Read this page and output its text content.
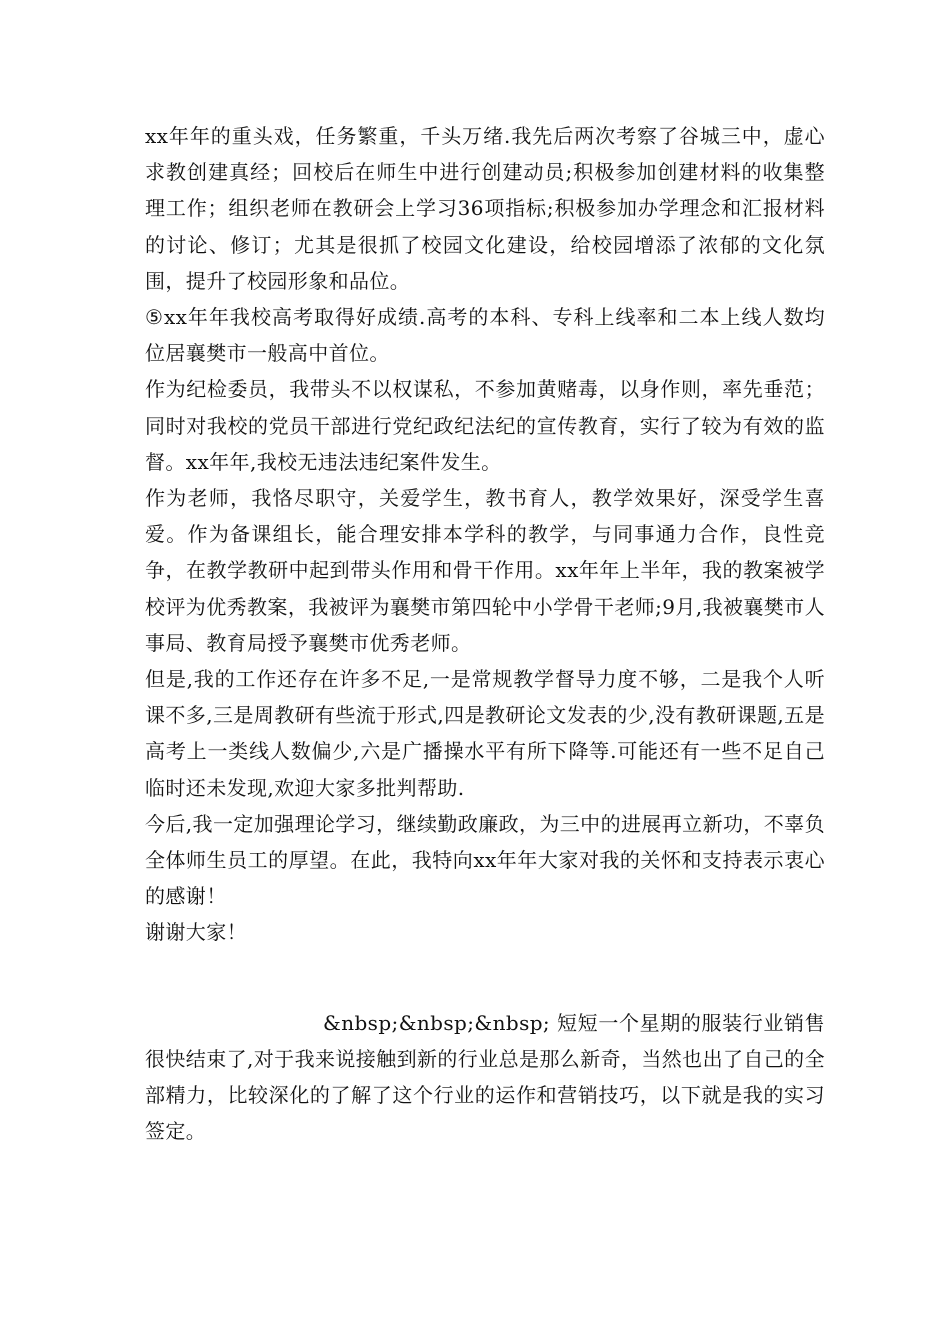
xx年年的重头戏，任务繁重，千头万绪.我先后两次考察了谷城三中，虚心求教创建真经；回校后在师生中进行创建动员;积极参加创建材料的收集整理工作；组织老师在教研会上学习36项指标;积极参加办学理念和汇报材料的讨论、修订；尤其是很抓了校园文化建设，给校园增添了浓郁的文化氛围，提升了校园形象和品位。

⑤xx年年我校高考取得好成绩.高考的本科、专科上线率和二本上线人数均位居襄樊市一般高中首位。

作为纪检委员，我带头不以权谋私，不参加黄赌毒，以身作则，率先垂范；同时对我校的党员干部进行党纪政纪法纪的宣传教育，实行了较为有效的监督。xx年年,我校无违法违纪案件发生。

作为老师，我恪尽职守，关爱学生，教书育人，教学效果好，深受学生喜爱。作为备课组长，能合理安排本学科的教学，与同事通力合作，良性竞争，在教学教研中起到带头作用和骨干作用。xx年年上半年，我的教案被学校评为优秀教案，我被评为襄樊市第四轮中小学骨干老师;9月,我被襄樊市人事局、教育局授予襄樊市优秀老师。

但是,我的工作还存在许多不足,一是常规教学督导力度不够，二是我个人听课不多,三是周教研有些流于形式,四是教研论文发表的少,没有教研课题,五是高考上一类线人数偏少,六是广播操水平有所下降等.可能还有一些不足自己临时还未发现,欢迎大家多批判帮助.

今后,我一定加强理论学习，继续勤政廉政，为三中的进展再立新功，不辜负全体师生员工的厚望。在此，我特向xx年年大家对我的关怀和支持表示衷心的感谢！

谢谢大家！

&nbsp;&nbsp;&nbsp; 短短一个星期的服装行业销售很快结束了,对于我来说接触到新的行业总是那么新奇，当然也出了自己的全部精力，比较深化的了解了这个行业的运作和营销技巧，以下就是我的实习签定。
